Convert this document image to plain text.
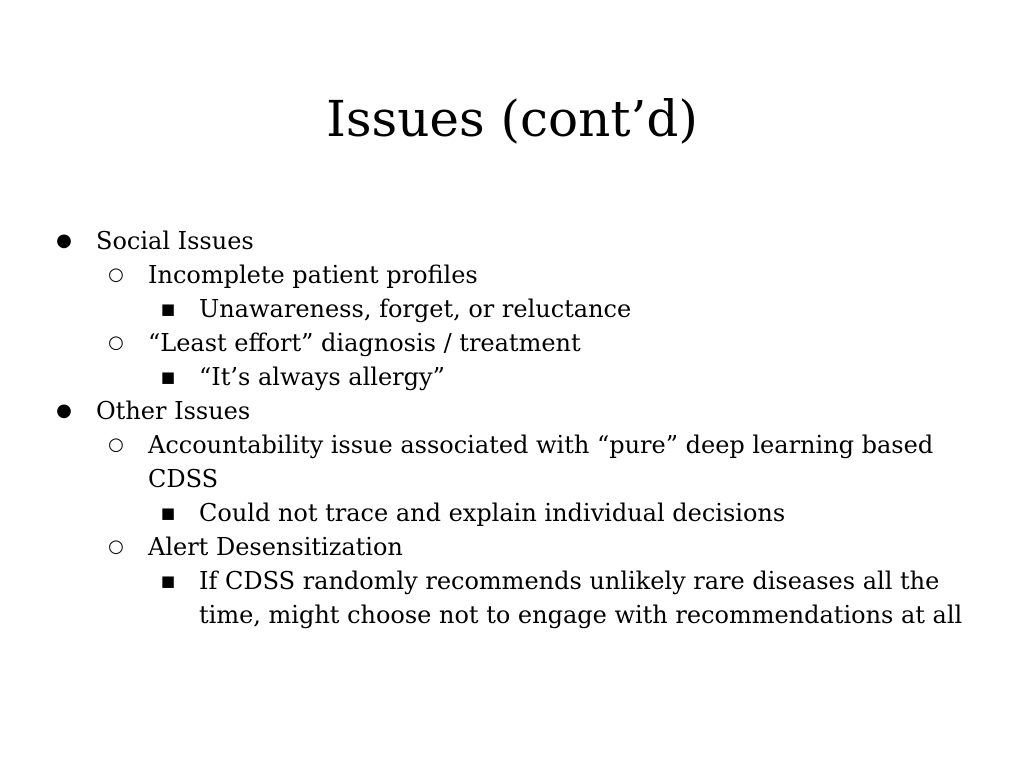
Issues (cont’d)
● Social Issues
○ Incomplete patient profiles
■ Unawareness, forget, or reluctance
○ “Least effort” diagnosis / treatment
■ “It’s always allergy”
● Other Issues
○ Accountability issue associated with “pure” deep learning based
CDSS
■ Could not trace and explain individual decisions
○ Alert Desensitization
■ If CDSS randomly recommends unlikely rare diseases all the
time, might choose not to engage with recommendations at all
